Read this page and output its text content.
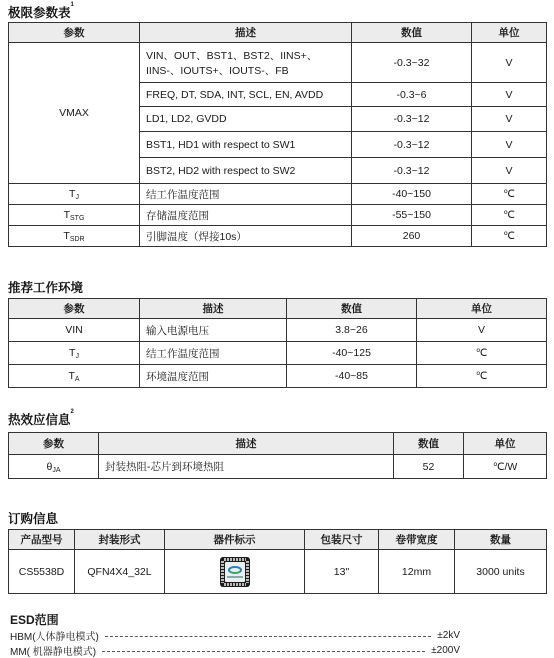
极限参数表$^1$
参数	描述	数值	单位
VMAX	VIN、OUT、BST1、BST2、IINS+、IINS-、IOUTS+、IOUTS-、FB	-0.3~32	V
	FREQ, DT, SDA, INT, SCL, EN, AVDD	-0.3~6	V
	LD1, LD2, GVDD	-0.3~12	V
	BST1, HD1 with respect to SW1	-0.3~12	V
	BST2, HD2 with respect to SW2	-0.3~12	V
TJ	结工作温度范围	-40~150	℃
TSTG	存储温度范围	-55~150	℃
TSDR	引脚温度（焊接10s）	260	℃
推荐工作环境
参数	描述	数值	单位
VIN	输入电源电压	3.8~26	V
TJ	结工作温度范围	-40~125	℃
TA	环境温度范围	-40~85	℃
热效应信息$^2$
参数	描述	数值	单位
θJA	封装热阻-芯片到环境热阻	52	℃/W
订购信息
产品型号	封装形式	器件标示	包装尺寸	卷带宽度	数量
CS5538D	QFN4X4_32L		13"	12mm	3000 units
ESD范围
HBM(人体静电模式)	±2kV
MM( 机器静电模式)	±200V
